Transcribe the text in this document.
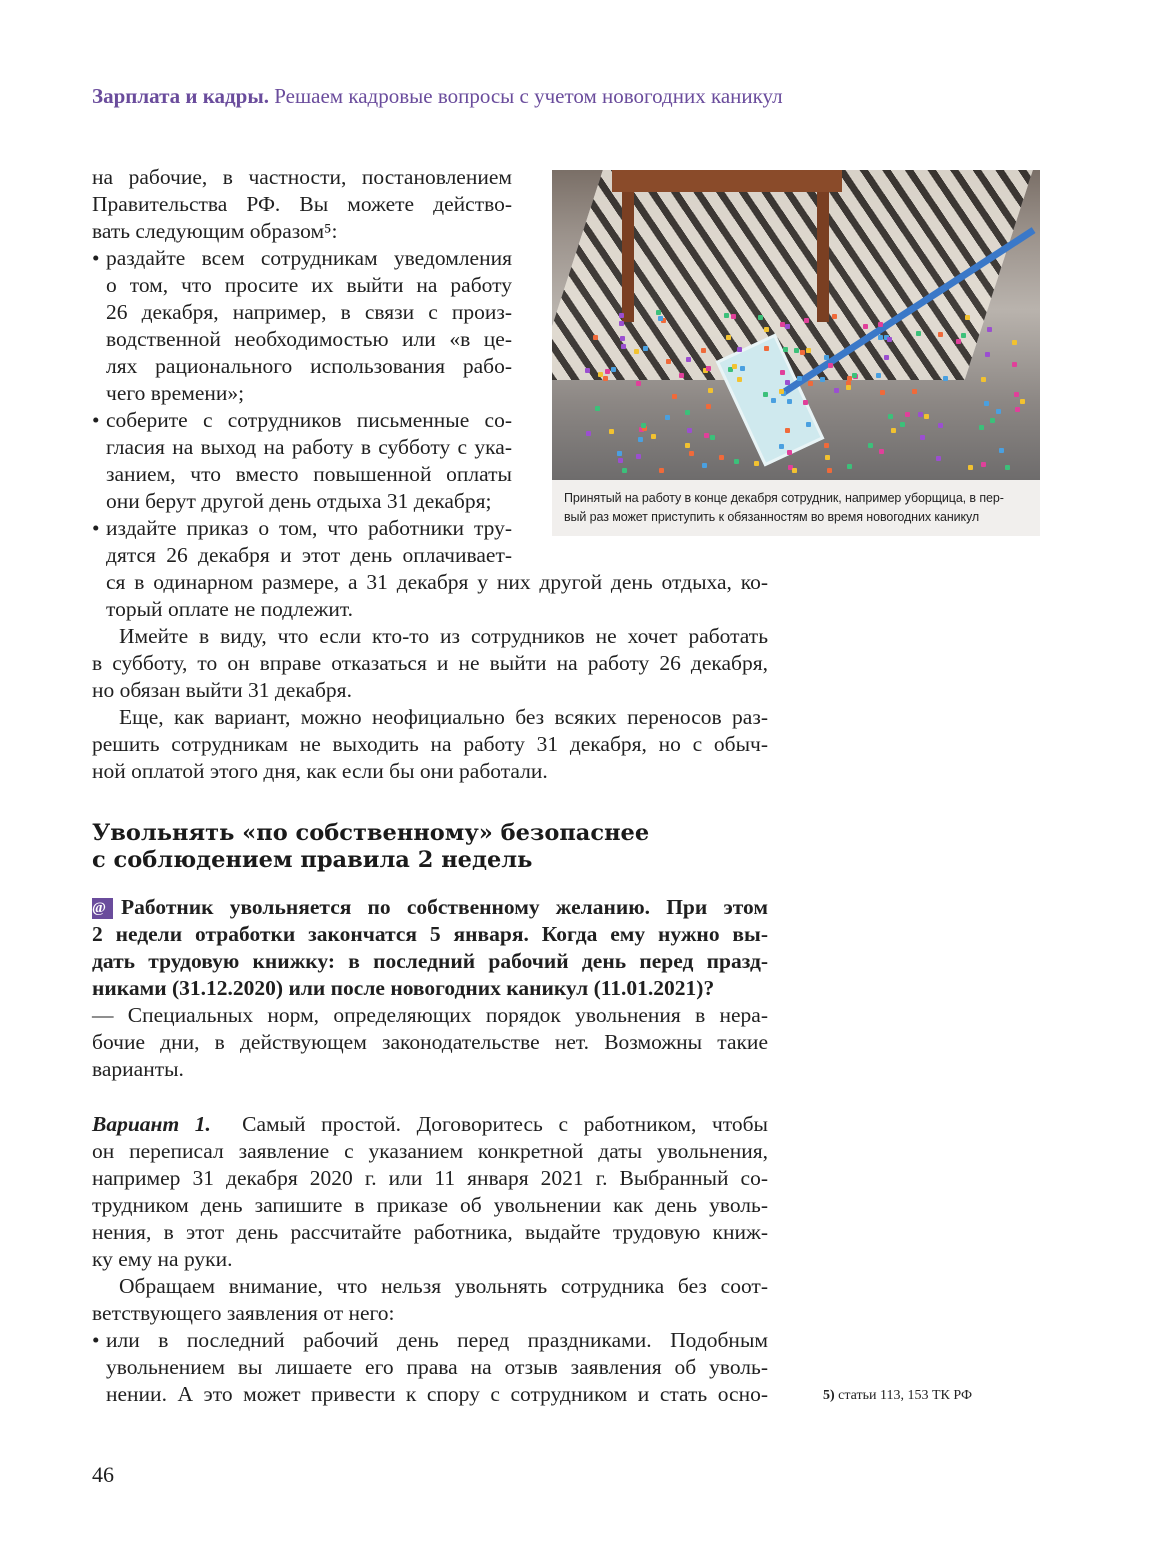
Зарплата и кадры. Решаем кадровые вопросы с учетом новогодних каникул
Принятый на работу в конце декабря сотрудник, например уборщица, в пер-
вый раз может приступить к обязанностям во время новогодних каникул
на рабочие, в частности, постановлением
Правительства РФ. Вы можете действо-
вать следующим образом⁵:
• раздайте всем сотрудникам уведомления
о том, что просите их выйти на работу
26 декабря, например, в связи с произ-
водственной необходимостью или «в це-
лях рационального использования рабо-
чего времени»;
• соберите с сотрудников письменные со-
гласия на выход на работу в субботу с ука-
занием, что вместо повышенной оплаты
они берут другой день отдыха 31 декабря;
• издайте приказ о том, что работники тру-
дятся 26 декабря и этот день оплачивает-
ся в одинарном размере, а 31 декабря у них другой день отдыха, ко-
торый оплате не подлежит.
Имейте в виду, что если кто-то из сотрудников не хочет работать
в субботу, то он вправе отказаться и не выйти на работу 26 декабря,
но обязан выйти 31 декабря.
Еще, как вариант, можно неофициально без всяких переносов раз-
решить сотрудникам не выходить на работу 31 декабря, но с обыч-
ной оплатой этого дня, как если бы они работали.
Увольнять «по собственному» безопаснее
с соблюдением правила 2 недель
@ Работник увольняется по собственному желанию. При этом
2 недели отработки закончатся 5 января. Когда ему нужно вы-
дать трудовую книжку: в последний рабочий день перед празд-
никами (31.12.2020) или после новогодних каникул (11.01.2021)?
— Специальных норм, определяющих порядок увольнения в нера-
бочие дни, в действующем законодательстве нет. Возможны такие
варианты.
Вариант 1. Самый простой. Договоритесь с работником, чтобы
он переписал заявление с указанием конкретной даты увольнения,
например 31 декабря 2020 г. или 11 января 2021 г. Выбранный со-
трудником день запишите в приказе об увольнении как день уволь-
нения, в этот день рассчитайте работника, выдайте трудовую книж-
ку ему на руки.
Обращаем внимание, что нельзя увольнять сотрудника без соот-
ветствующего заявления от него:
• или в последний рабочий день перед праздниками. Подобным
увольнением вы лишаете его права на отзыв заявления об уволь-
нении. А это может привести к спору с сотрудником и стать осно-	5) статьи 113, 153 ТК РФ
46
